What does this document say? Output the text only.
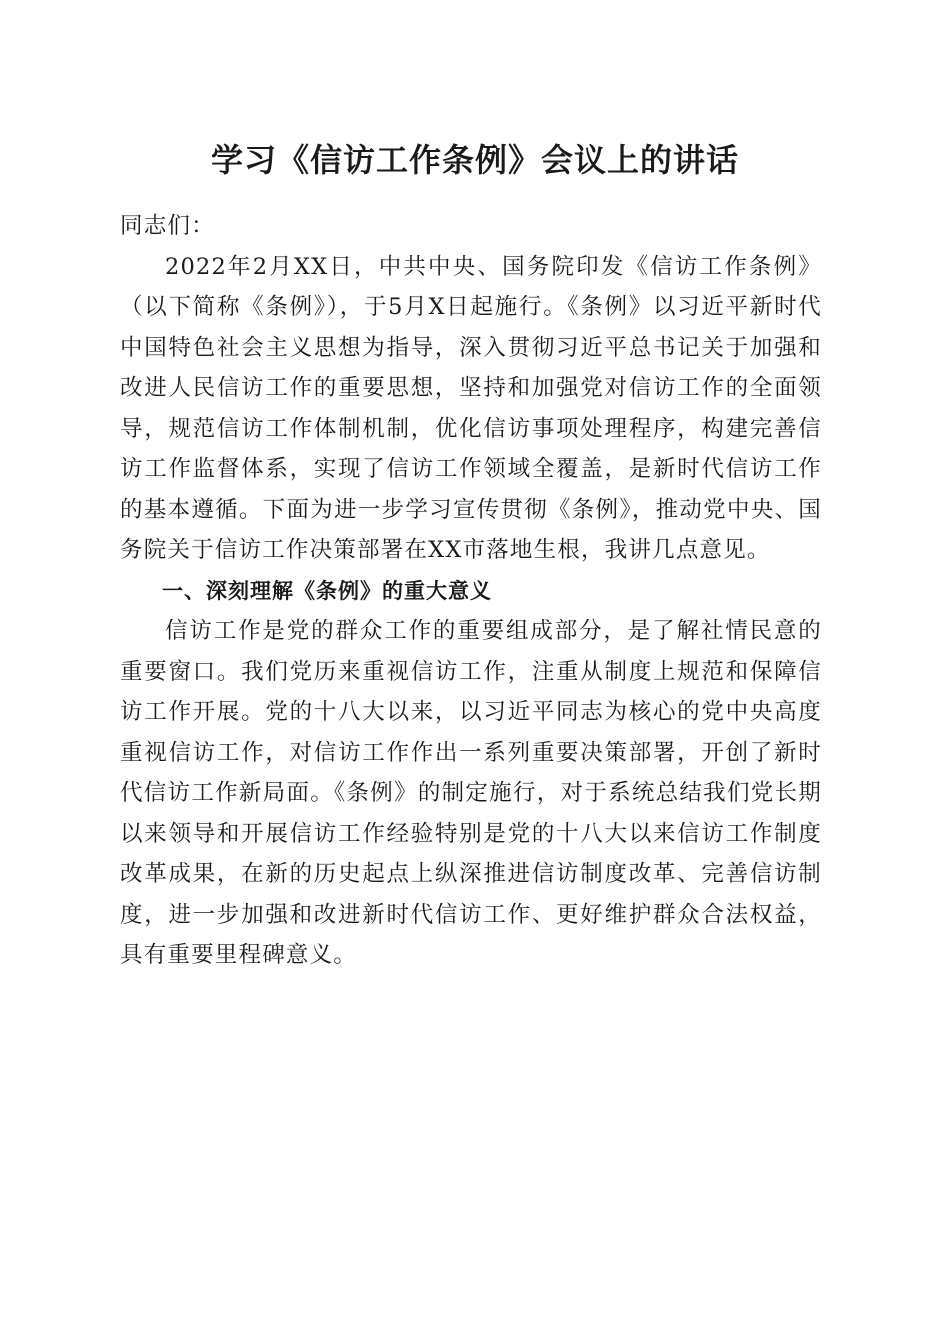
学习《信访工作条例》会议上的讲话

同志们：

2022年2月XX日，中共中央、国务院印发《信访工作条例》（以下简称《条例》），于5月X日起施行。《条例》以习近平新时代中国特色社会主义思想为指导，深入贯彻习近平总书记关于加强和改进人民信访工作的重要思想，坚持和加强党对信访工作的全面领导，规范信访工作体制机制，优化信访事项处理程序，构建完善信访工作监督体系，实现了信访工作领域全覆盖，是新时代信访工作的基本遵循。下面为进一步学习宣传贯彻《条例》，推动党中央、国务院关于信访工作决策部署在XX市落地生根，我讲几点意见。

一、深刻理解《条例》的重大意义

信访工作是党的群众工作的重要组成部分，是了解社情民意的重要窗口。我们党历来重视信访工作，注重从制度上规范和保障信访工作开展。党的十八大以来，以习近平同志为核心的党中央高度重视信访工作，对信访工作作出一系列重要决策部署，开创了新时代信访工作新局面。《条例》的制定施行，对于系统总结我们党长期以来领导和开展信访工作经验特别是党的十八大以来信访工作制度改革成果，在新的历史起点上纵深推进信访制度改革、完善信访制度，进一步加强和改进新时代信访工作、更好维护群众合法权益，具有重要里程碑意义。
